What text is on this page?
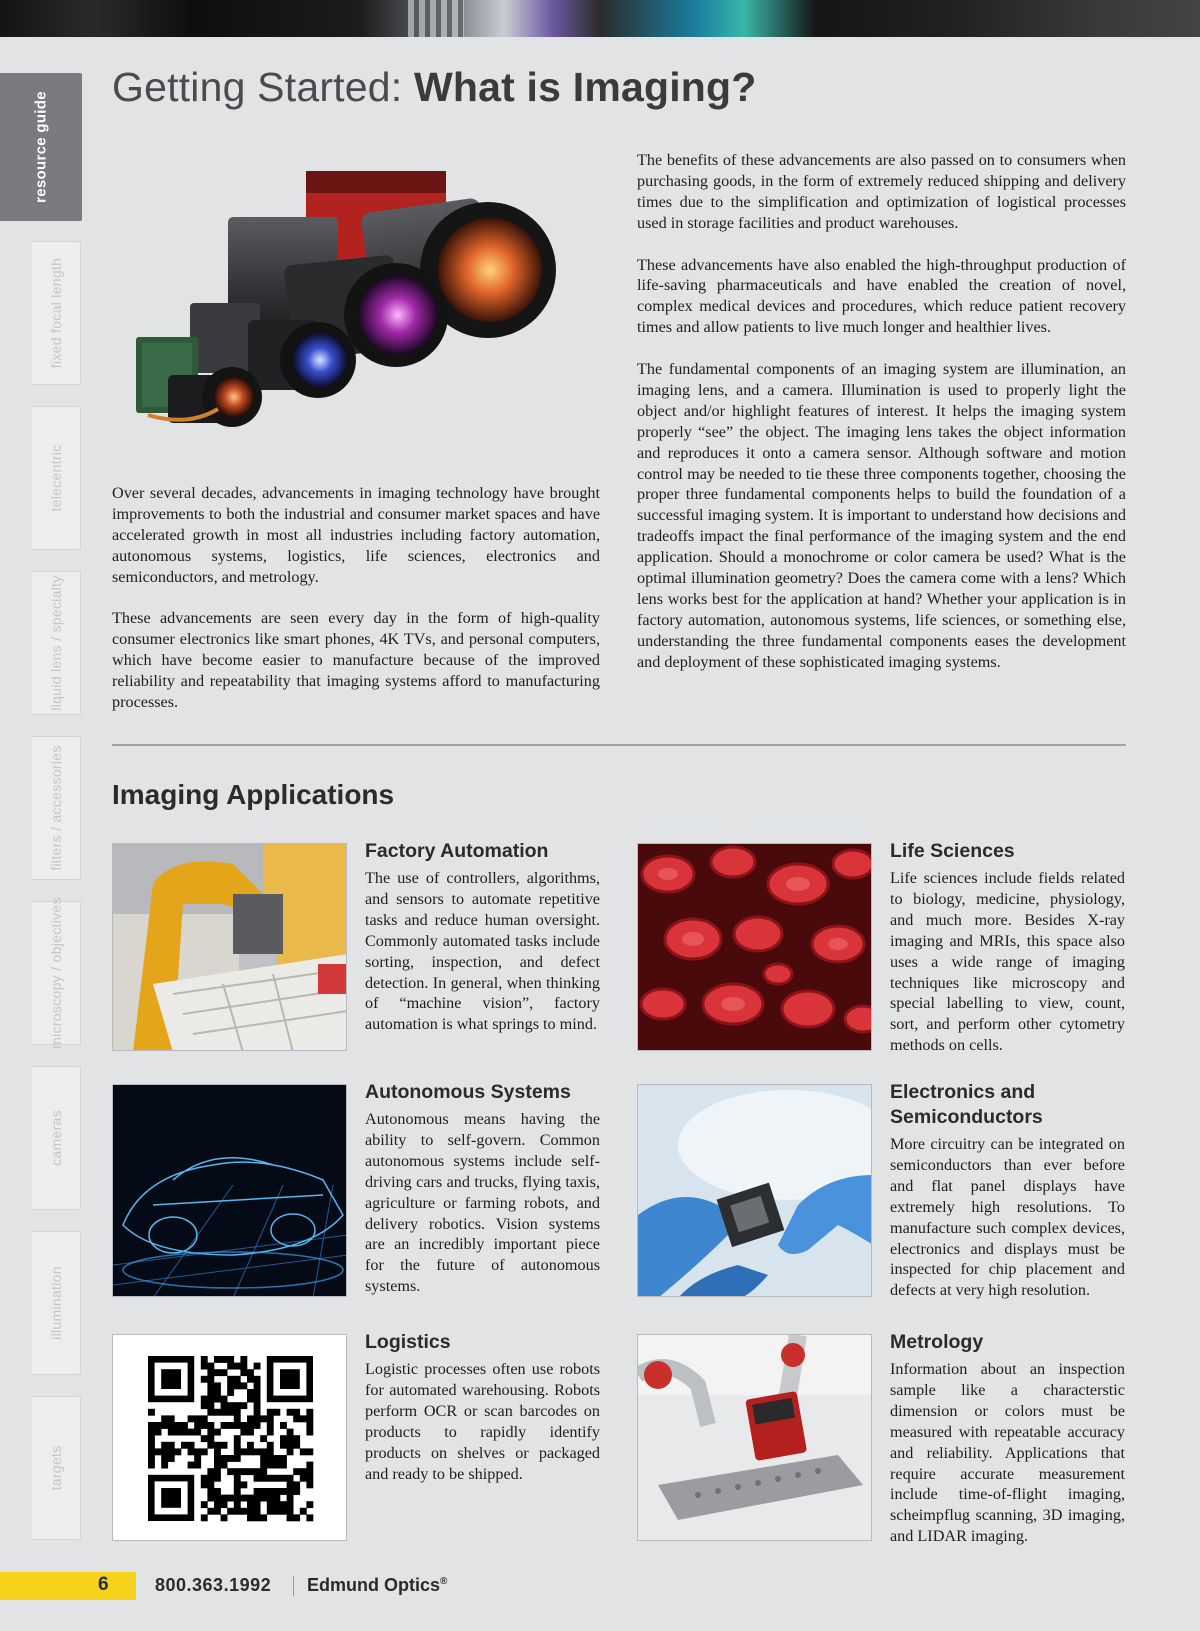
resource guide
fixed focal length
telecentric
liquid lens / specialty
filters / accessories
microscopy / objectives
cameras
illumination
targets
Getting Started: What is Imaging?

Over several decades, advancements in imaging technology have brought improvements to both the industrial and consumer market spaces and have accelerated growth in most all industries including factory automation, autonomous systems, logistics, life sciences, electronics and semiconductors, and metrology.

These advancements are seen every day in the form of high-quality consumer electronics like smart phones, 4K TVs, and personal computers, which have become easier to manufacture because of the improved reliability and repeatability that imaging systems afford to manufacturing processes.

The benefits of these advancements are also passed on to consumers when purchasing goods, in the form of extremely reduced shipping and delivery times due to the simplification and optimization of logistical processes used in storage facilities and product warehouses.

These advancements have also enabled the high-throughput production of life-saving pharmaceuticals and have enabled the creation of novel, complex medical devices and procedures, which reduce patient recovery times and allow patients to live much longer and healthier lives.

The fundamental components of an imaging system are illumination, an imaging lens, and a camera. Illumination is used to properly light the object and/or highlight features of interest. It helps the imaging system properly “see” the object. The imaging lens takes the object information and reproduces it onto a camera sensor. Although software and motion control may be needed to tie these three components together, choosing the proper three fundamental components helps to build the foundation of a successful imaging system. It is important to understand how decisions and tradeoffs impact the final performance of the imaging system and the end application. Should a monochrome or color camera be used? What is the optimal illumination geometry? Does the camera come with a lens? Which lens works best for the application at hand? Whether your application is in factory automation, autonomous systems, life sciences, or something else, understanding the three fundamental components eases the development and deployment of these sophisticated imaging systems.

Imaging Applications
Factory Automation

The use of controllers, algorithms, and sensors to automate repetitive tasks and reduce human oversight. Commonly automated tasks include sorting, inspection, and defect detection. In general, when thinking of “machine vision”, factory automation is what springs to mind.

Life Sciences

Life sciences include fields related to biology, medicine, physiology, and much more. Besides X-ray imaging and MRIs, this space also uses a wide range of imaging techniques like microscopy and special labelling to view, count, sort, and perform other cytometry methods on cells.

Autonomous Systems

Autonomous means having the ability to self-govern. Common autonomous systems include self-driving cars and trucks, flying taxis, agriculture or farming robots, and delivery robotics. Vision systems are an incredibly important piece for the future of autonomous systems.

Electronics and Semiconductors

More circuitry can be integrated on semiconductors than ever before and flat panel displays have extremely high resolutions. To manufacture such complex devices, electronics and displays must be inspected for chip placement and defects at very high resolution.

Logistics

Logistic processes often use robots for automated warehousing. Robots perform OCR or scan barcodes on products to rapidly identify products on shelves or packaged and ready to be shipped.

Metrology

Information about an inspection sample like a characterstic dimension or colors must be measured with repeatable accuracy and reliability. Applications that require accurate measurement include time-of-flight imaging, scheimpflug scanning, 3D imaging, and LIDAR imaging.

6	800.363.1992 Edmund Optics®
